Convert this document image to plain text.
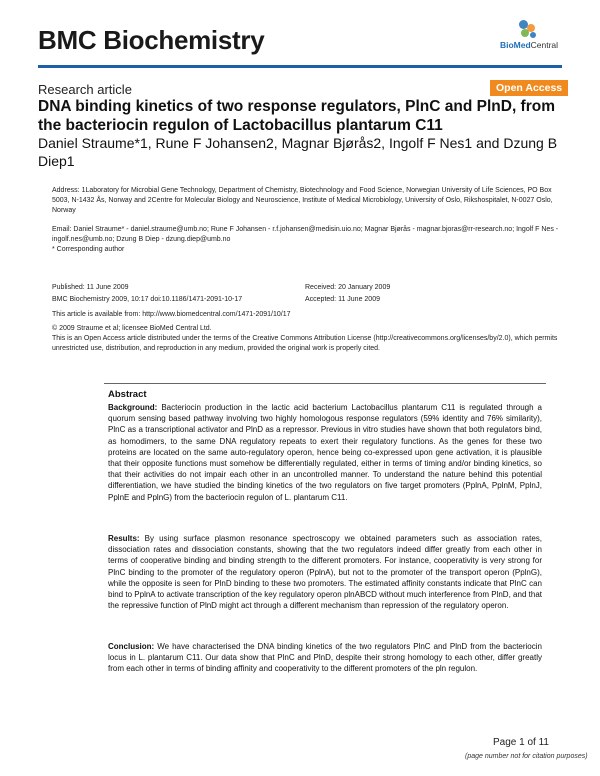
BMC Biochemistry	BioMedCentral
Research article	Open Access
DNA binding kinetics of two response regulators, PlnC and PlnD, from the bacteriocin regulon of Lactobacillus plantarum C11
Daniel Straume*1, Rune F Johansen2, Magnar Bjørås2, Ingolf F Nes1 and Dzung B Diep1
Address: 1Laboratory for Microbial Gene Technology, Department of Chemistry, Biotechnology and Food Science, Norwegian University of Life Sciences, PO Box 5003, N-1432 Ås, Norway and 2Centre for Molecular Biology and Neuroscience, Institute of Medical Microbiology, University of Oslo, Rikshospitalet, N-0027 Oslo, Norway
Email: Daniel Straume* - daniel.straume@umb.no; Rune F Johansen - r.f.johansen@medisin.uio.no; Magnar Bjørås - magnar.bjoras@rr-research.no; Ingolf F Nes - ingolf.nes@umb.no; Dzung B Diep - dzung.diep@umb.no
* Corresponding author
Published: 11 June 2009	Received: 20 January 2009
BMC Biochemistry 2009, 10:17 doi:10.1186/1471-2091-10-17	Accepted: 11 June 2009
This article is available from: http://www.biomedcentral.com/1471-2091/10/17
© 2009 Straume et al; licensee BioMed Central Ltd.
This is an Open Access article distributed under the terms of the Creative Commons Attribution License (http://creativecommons.org/licenses/by/2.0), which permits unrestricted use, distribution, and reproduction in any medium, provided the original work is properly cited.
Abstract
Background: Bacteriocin production in the lactic acid bacterium Lactobacillus plantarum C11 is regulated through a quorum sensing based pathway involving two highly homologous response regulators (59% identity and 76% similarity), PlnC as a transcriptional activator and PlnD as a repressor. Previous in vitro studies have shown that both regulators bind, as homodimers, to the same DNA regulatory repeats to exert their regulatory functions. As the genes for these two proteins are located on the same auto-regulatory operon, hence being co-expressed upon gene activation, it is plausible that their opposite functions must somehow be differentially regulated, either in terms of timing and/or binding kinetics, so that their activities do not impair each other in an uncontrolled manner. To understand the nature behind this potential differentiation, we have studied the binding kinetics of the two regulators on five target promoters (PplnA, PplnM, PplnJ, PplnE and PplnG) from the bacteriocin regulon of L. plantarum C11.
Results: By using surface plasmon resonance spectroscopy we obtained parameters such as association rates, dissociation rates and dissociation constants, showing that the two regulators indeed differ greatly from each other in terms of cooperative binding and binding strength to the different promoters. For instance, cooperativity is very strong for PlnC binding to the promoter of the regulatory operon (PplnA), but not to the promoter of the transport operon (PplnG), while the opposite is seen for PlnD binding to these two promoters. The estimated affinity constants indicate that PlnC can bind to PplnA to activate transcription of the key regulatory operon plnABCD without much interference from PlnD, and that the repressive function of PlnD might act through a different mechanism than repression of the regulatory operon.
Conclusion: We have characterised the DNA binding kinetics of the two regulators PlnC and PlnD from the bacteriocin locus in L. plantarum C11. Our data show that PlnC and PlnD, despite their strong homology to each other, differ greatly from each other in terms of binding affinity and cooperativity to the different promoters of the pln regulon.
Page 1 of 11
(page number not for citation purposes)
